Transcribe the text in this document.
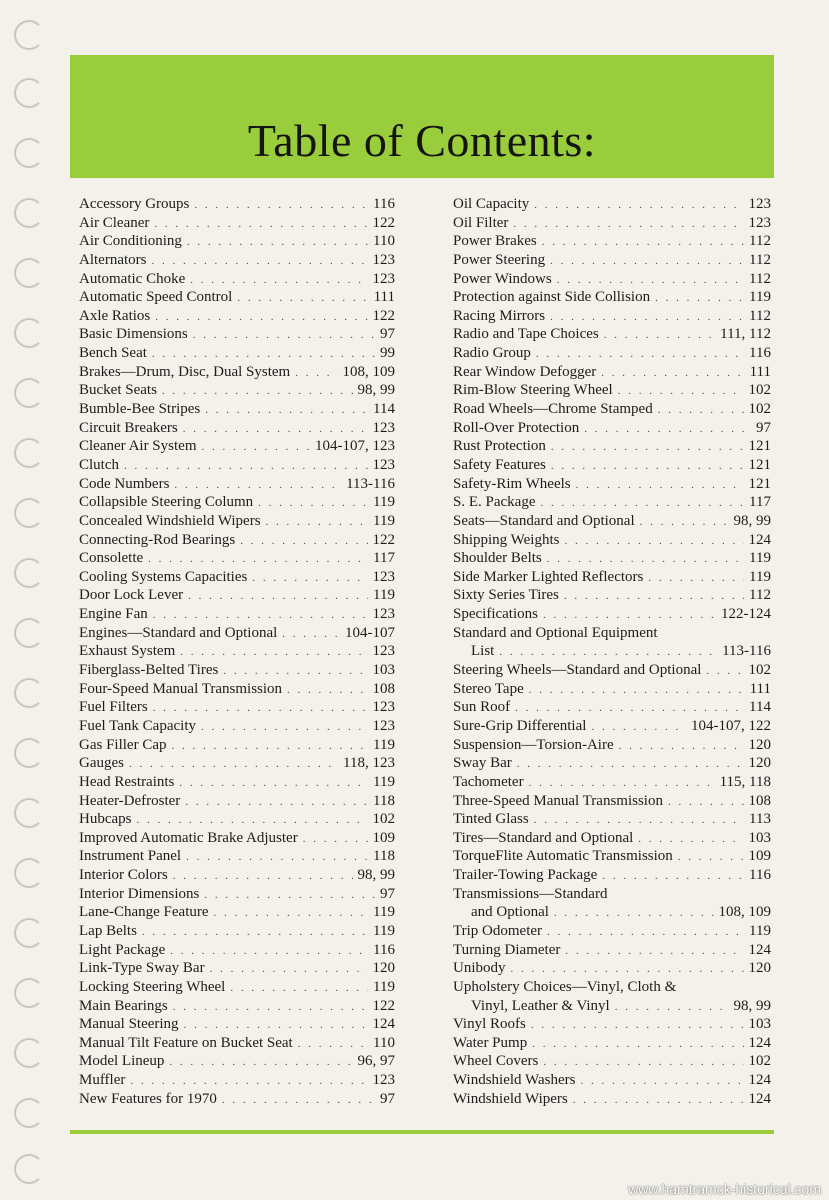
Table of Contents:
Accessory Groups . . .	116
Air Cleaner . . .	122
Air Conditioning . . .	110
Alternators . . .	123
Automatic Choke . . .	123
Automatic Speed Control . . .	111
Axle Ratios . . .	122
Basic Dimensions . . .	97
Bench Seat . . .	99
Brakes—Drum, Disc, Dual System . . .	108, 109
Bucket Seats . . .	98, 99
Bumble-Bee Stripes . . .	114
Circuit Breakers . . .	123
Cleaner Air System . . .	104-107, 123
Clutch . . .	123
Code Numbers . . .	113-116
Collapsible Steering Column . . .	119
Concealed Windshield Wipers . . .	119
Connecting-Rod Bearings . . .	122
Consolette . . .	117
Cooling Systems Capacities . . .	123
Door Lock Lever . . .	119
Engine Fan . . .	123
Engines—Standard and Optional . . .	104-107
Exhaust System . . .	123
Fiberglass-Belted Tires . . .	103
Four-Speed Manual Transmission . . .	108
Fuel Filters . . .	123
Fuel Tank Capacity . . .	123
Gas Filler Cap . . .	119
Gauges . . .	118, 123
Head Restraints . . .	119
Heater-Defroster . . .	118
Hubcaps . . .	102
Improved Automatic Brake Adjuster . . .	109
Instrument Panel . . .	118
Interior Colors . . .	98, 99
Interior Dimensions . . .	97
Lane-Change Feature . . .	119
Lap Belts . . .	119
Light Package . . .	116
Link-Type Sway Bar . . .	120
Locking Steering Wheel . . .	119
Main Bearings . . .	122
Manual Steering . . .	124
Manual Tilt Feature on Bucket Seat . . .	110
Model Lineup . . .	96, 97
Muffler . . .	123
New Features for 1970 . . .	97
Oil Capacity . . .	123
Oil Filter . . .	123
Power Brakes . . .	112
Power Steering . . .	112
Power Windows . . .	112
Protection against Side Collision . . .	119
Racing Mirrors . . .	112
Radio and Tape Choices . . .	111, 112
Radio Group . . .	116
Rear Window Defogger . . .	111
Rim-Blow Steering Wheel . . .	102
Road Wheels—Chrome Stamped . . .	102
Roll-Over Protection . . .	97
Rust Protection . . .	121
Safety Features . . .	121
Safety-Rim Wheels . . .	121
S. E. Package . . .	117
Seats—Standard and Optional . . .	98, 99
Shipping Weights . . .	124
Shoulder Belts . . .	119
Side Marker Lighted Reflectors . . .	119
Sixty Series Tires . . .	112
Specifications . . .	122-124
Standard and Optional Equipment
List . . .	113-116
Steering Wheels—Standard and Optional . . .	102
Stereo Tape . . .	111
Sun Roof . . .	114
Sure-Grip Differential . . .	104-107, 122
Suspension—Torsion-Aire . . .	120
Sway Bar . . .	120
Tachometer . . .	115, 118
Three-Speed Manual Transmission . . .	108
Tinted Glass . . .	113
Tires—Standard and Optional . . .	103
TorqueFlite Automatic Transmission . . .	109
Trailer-Towing Package . . .	116
Transmissions—Standard
and Optional . . .	108, 109
Trip Odometer . . .	119
Turning Diameter . . .	124
Unibody . . .	120
Upholstery Choices—Vinyl, Cloth &
Vinyl, Leather & Vinyl . . .	98, 99
Vinyl Roofs . . .	103
Water Pump . . .	124
Wheel Covers . . .	102
Windshield Washers . . .	124
Windshield Wipers . . .	124
www.hamtramck-historical.com
